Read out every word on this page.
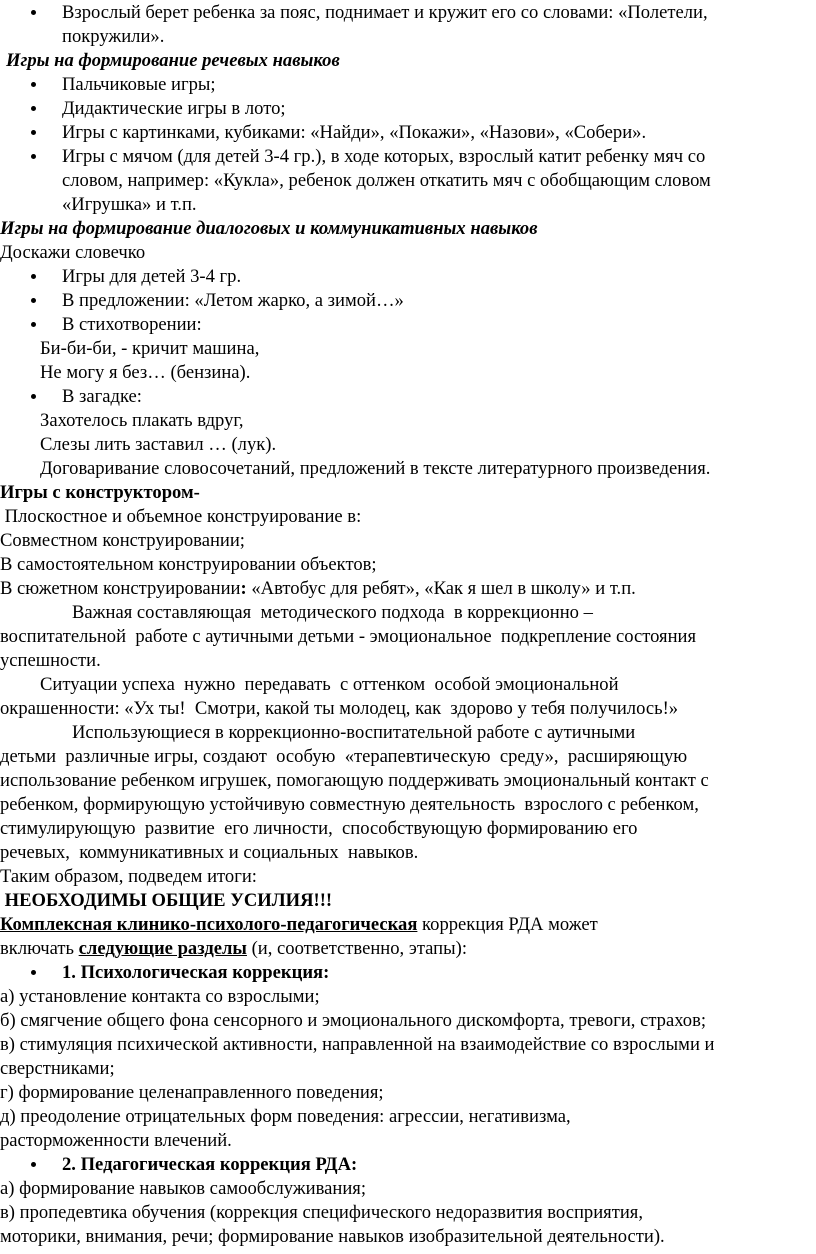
Взрослый берет ребенка за пояс, поднимает и кружит его со словами: «Полетели,
покружили».
Игры на формирование речевых навыков
Пальчиковые игры;
Дидактические игры в лото;
Игры с картинками, кубиками: «Найди», «Покажи», «Назови», «Собери».
Игры с мячом (для детей 3-4 гр.), в ходе которых, взрослый катит ребенку мяч со
словом, например: «Кукла», ребенок должен откатить мяч с обобщающим словом
«Игрушка» и т.п.
Игры на формирование диалоговых и коммуникативных навыков
Доскажи словечко
Игры для детей 3-4 гр.
В предложении: «Летом жарко, а зимой…»
В стихотворении:
Би-би-би, - кричит машина,
Не могу я без… (бензина).
В загадке:
Захотелось плакать вдруг,
Слезы лить заставил … (лук).
Договаривание словосочетаний, предложений в тексте литературного произведения.
Игры с конструктором-
Плоскостное и объемное конструирование в:
Совместном конструировании;
В самостоятельном конструировании объектов;
В сюжетном конструировании: «Автобус для ребят», «Как я шел в школу» и т.п.
Важная составляющая  методического подхода  в коррекционно –
воспитательной  работе с аутичными детьми - эмоциональное  подкрепление состояния
успешности.
Ситуации успеха  нужно  передавать  с оттенком  особой эмоциональной
окрашенности: «Ух ты!  Смотри, какой ты молодец, как  здорово у тебя получилось!»
Использующиеся в коррекционно-воспитательной работе с аутичными
детьми  различные игры, создают  особую  «терапевтическую  среду»,  расширяющую
использование ребенком игрушек, помогающую поддерживать эмоциональный контакт с
ребенком, формирующую устойчивую совместную деятельность  взрослого с ребенком,
стимулирующую  развитие  его личности,  способствующую формированию его
речевых,  коммуникативных и социальных  навыков.
Таким образом, подведем итоги:
НЕОБХОДИМЫ ОБЩИЕ УСИЛИЯ!!!
Комплексная клинико-психолого-педагогическая коррекция РДА может
включать следующие разделы (и, соответственно, этапы):
1. Психологическая коррекция:
а) установление контакта со взрослыми;
б) смягчение общего фона сенсорного и эмоционального дискомфорта, тревоги, страхов;
в) стимуляция психической активности, направленной на взаимодействие со взрослыми и
сверстниками;
г) формирование целенаправленного поведения;
д) преодоление отрицательных форм поведения: агрессии, негативизма,
расторможенности влечений.
2. Педагогическая коррекция РДА:
а) формирование навыков самообслуживания;
в) пропедевтика обучения (коррекция специфического недоразвития восприятия,
моторики, внимания, речи; формирование навыков изобразительной деятельности).
